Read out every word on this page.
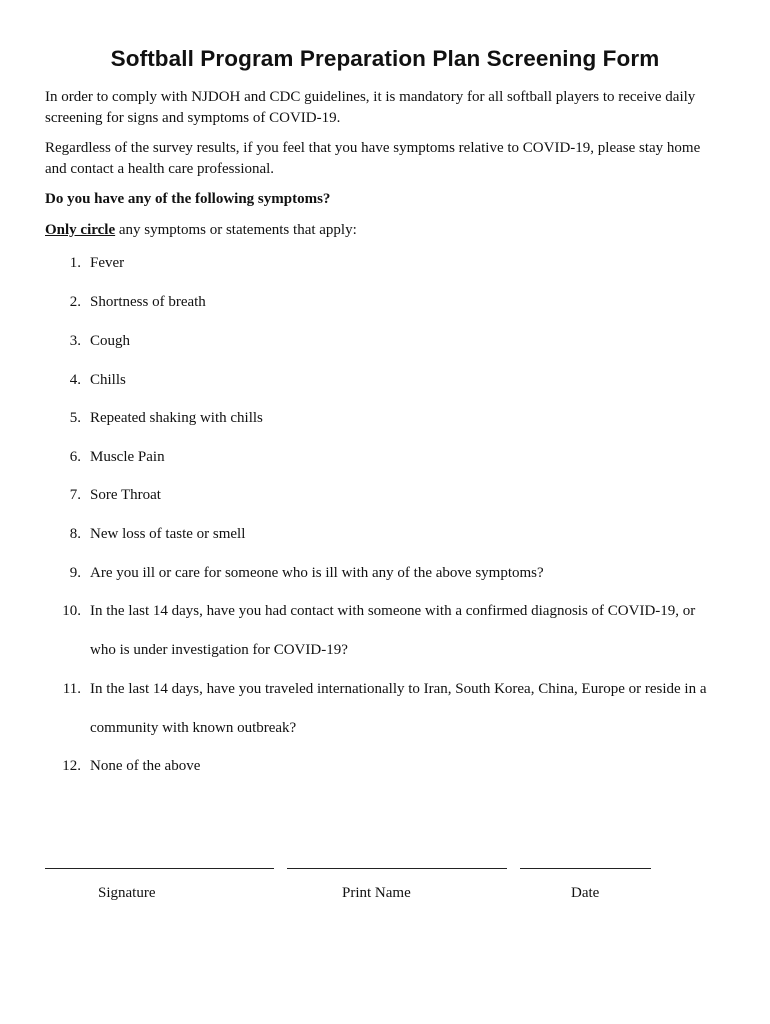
Softball Program Preparation Plan Screening Form

In order to comply with NJDOH and CDC guidelines, it is mandatory for all softball players to receive daily screening for signs and symptoms of COVID-19.

Regardless of the survey results, if you feel that you have symptoms relative to COVID-19, please stay home and contact a health care professional.

Do you have any of the following symptoms?

Only circle any symptoms or statements that apply:

1. Fever
2. Shortness of breath
3. Cough
4. Chills
5. Repeated shaking with chills
6. Muscle Pain
7. Sore Throat
8. New loss of taste or smell
9. Are you ill or care for someone who is ill with any of the above symptoms?
10. In the last 14 days, have you had contact with someone with a confirmed diagnosis of COVID-19, or who is under investigation for COVID-19?
11. In the last 14 days, have you traveled internationally to Iran, South Korea, China, Europe or reside in a community with known outbreak?
12. None of the above
Signature	Print Name	Date
